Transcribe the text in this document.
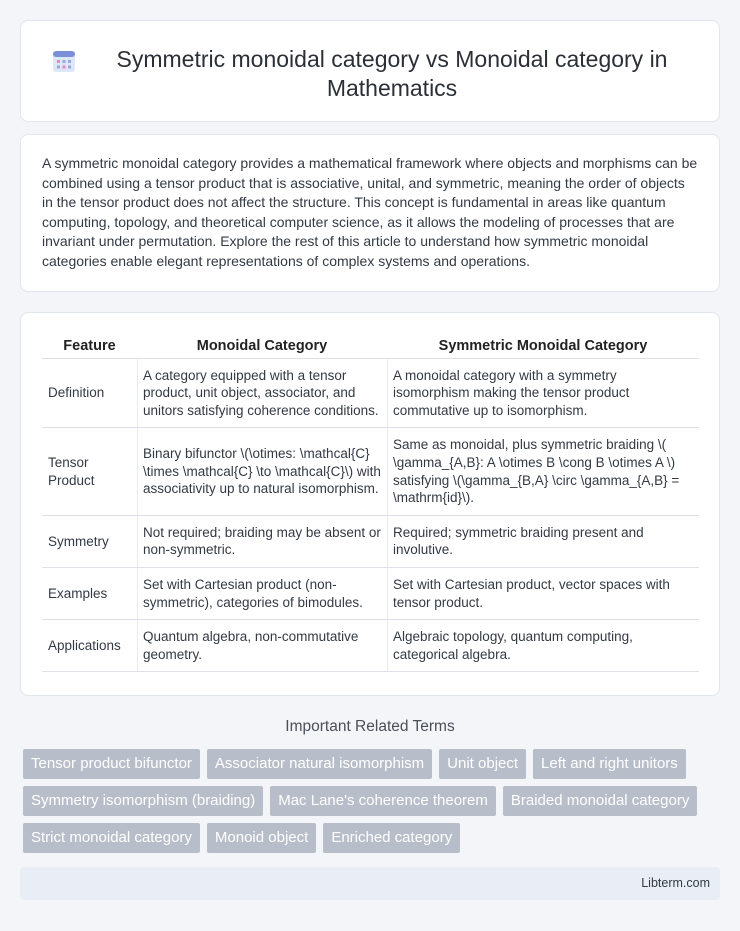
Symmetric monoidal category vs Monoidal category in Mathematics

A symmetric monoidal category provides a mathematical framework where objects and morphisms can be combined using a tensor product that is associative, unital, and symmetric, meaning the order of objects in the tensor product does not affect the structure. This concept is fundamental in areas like quantum computing, topology, and theoretical computer science, as it allows the modeling of processes that are invariant under permutation. Explore the rest of this article to understand how symmetric monoidal categories enable elegant representations of complex systems and operations.

Feature	Monoidal Category	Symmetric Monoidal Category
Definition	A category equipped with a tensor product, unit object, associator, and unitors satisfying coherence conditions.	A monoidal category with a symmetry isomorphism making the tensor product commutative up to isomorphism.
Tensor Product	Binary bifunctor \(\otimes: \mathcal{C} \times \mathcal{C} \to \mathcal{C}\) with associativity up to natural isomorphism.	Same as monoidal, plus symmetric braiding \( \gamma_{A,B}: A \otimes B \cong B \otimes A \) satisfying \(\gamma_{B,A} \circ \gamma_{A,B} = \mathrm{id}\).
Symmetry	Not required; braiding may be absent or non-symmetric.	Required; symmetric braiding present and involutive.
Examples	Set with Cartesian product (non-symmetric), categories of bimodules.	Set with Cartesian product, vector spaces with tensor product.
Applications	Quantum algebra, non-commutative geometry.	Algebraic topology, quantum computing, categorical algebra.
Important Related Terms
Tensor product bifunctor	Associator natural isomorphism	Unit object	Left and right unitors
Symmetry isomorphism (braiding)	Mac Lane's coherence theorem	Braided monoidal category
Strict monoidal category	Monoid object	Enriched category
Libterm.com
